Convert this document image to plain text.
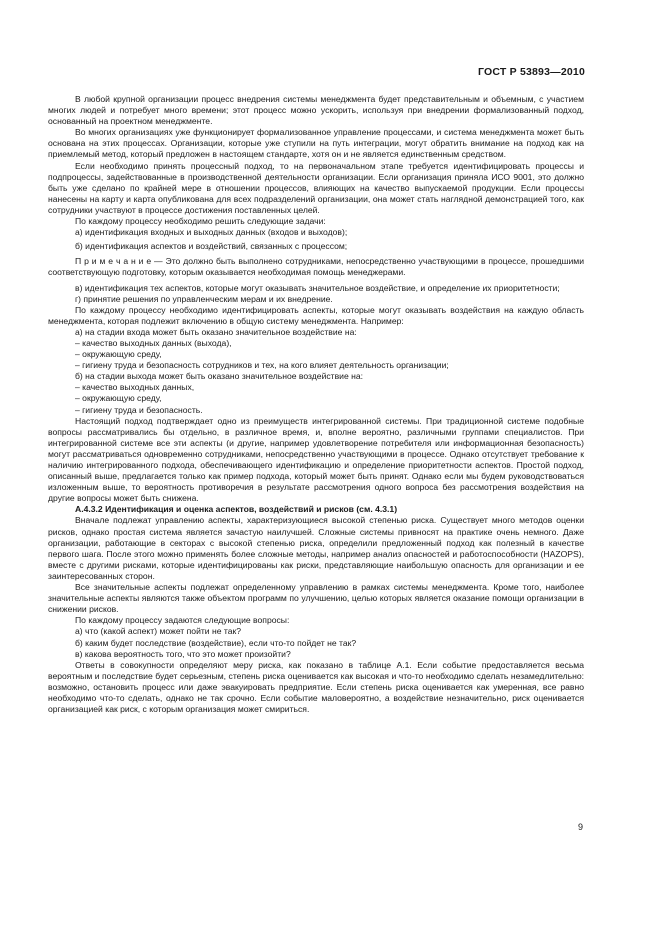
ГОСТ Р 53893—2010

В любой крупной организации процесс внедрения системы менеджмента будет представительным и объемным, с участием многих людей и потребует много времени; этот процесс можно ускорить, используя при внедрении формализованный подход, основанный на проектном менеджменте.

Во многих организациях уже функционирует формализованное управление процессами, и система менеджмента может быть основана на этих процессах. Организации, которые уже ступили на путь интеграции, могут обратить внимание на подход как на приемлемый метод, который предложен в настоящем стандарте, хотя он и не является единственным средством.

Если необходимо принять процессный подход, то на первоначальном этапе требуется идентифицировать процессы и подпроцессы, задействованные в производственной деятельности организации. Если организация приняла ИСО 9001, это должно быть уже сделано по крайней мере в отношении процессов, влияющих на качество выпускаемой продукции. Если процессы нанесены на карту и карта опубликована для всех подразделений организации, она может стать наглядной демонстрацией того, как сотрудники участвуют в процессе достижения поставленных целей.

По каждому процессу необходимо решить следующие задачи:

а) идентификация входных и выходных данных (входов и выходов);

б) идентификация аспектов и воздействий, связанных с процессом;

П р и м е ч а н и е — Это должно быть выполнено сотрудниками, непосредственно участвующими в процессе, прошедшими соответствующую подготовку, которым оказывается необходимая помощь менеджерами.

в) идентификация тех аспектов, которые могут оказывать значительное воздействие, и определение их приоритетности;

г) принятие решения по управленческим мерам и их внедрение.

По каждому процессу необходимо идентифицировать аспекты, которые могут оказывать воздействия на каждую область менеджмента, которая подлежит включению в общую систему менеджмента. Например:

а) на стадии входа может быть оказано значительное воздействие на:

– качество выходных данных (выхода),

– окружающую среду,

– гигиену труда и безопасность сотрудников и тех, на кого влияет деятельность организации;

б) на стадии выхода может быть оказано значительное воздействие на:

– качество выходных данных,

– окружающую среду,

– гигиену труда и безопасность.

Настоящий подход подтверждает одно из преимуществ интегрированной системы. При традиционной системе подобные вопросы рассматривались бы отдельно, в различное время, и, вполне вероятно, различными группами специалистов. При интегрированной системе все эти аспекты (и другие, например удовлетворение потребителя или информационная безопасность) могут рассматриваться одновременно сотрудниками, непосредственно участвующими в процессе. Однако отсутствует требование к наличию интегрированного подхода, обеспечивающего идентификацию и определение приоритетности аспектов. Простой подход, описанный выше, предлагается только как пример подхода, который может быть принят. Однако если мы будем руководствоваться изложенным выше, то вероятность противоречия в результате рассмотрения одного вопроса без рассмотрения воздействия на другие вопросы может быть снижена.

А.4.3.2 Идентификация и оценка аспектов, воздействий и рисков (см. 4.3.1)

Вначале подлежат управлению аспекты, характеризующиеся высокой степенью риска. Существует много методов оценки рисков, однако простая система является зачастую наилучшей. Сложные системы привносят на практике очень немного. Даже организации, работающие в секторах с высокой степенью риска, определили предложенный подход как полезный в качестве первого шага. После этого можно применять более сложные методы, например анализ опасностей и работоспособности (HAZOPS), вместе с другими рисками, которые идентифицированы как риски, представляющие наибольшую опасность для организации и ее заинтересованных сторон.

Все значительные аспекты подлежат определенному управлению в рамках системы менеджмента. Кроме того, наиболее значительные аспекты являются также объектом программ по улучшению, целью которых является оказание помощи организации в снижении рисков.

По каждому процессу задаются следующие вопросы:

а) что (какой аспект) может пойти не так?

б) каким будет последствие (воздействие), если что-то пойдет не так?

в) какова вероятность того, что это может произойти?

Ответы в совокупности определяют меру риска, как показано в таблице А.1. Если событие предоставляется весьма вероятным и последствие будет серьезным, степень риска оценивается как высокая и что-то необходимо сделать незамедлительно: возможно, остановить процесс или даже эвакуировать предприятие. Если степень риска оценивается как умеренная, все равно необходимо что-то сделать, однако не так срочно. Если событие маловероятно, а воздействие незначительно, риск оценивается организацией как риск, с которым организация может смириться.

9
